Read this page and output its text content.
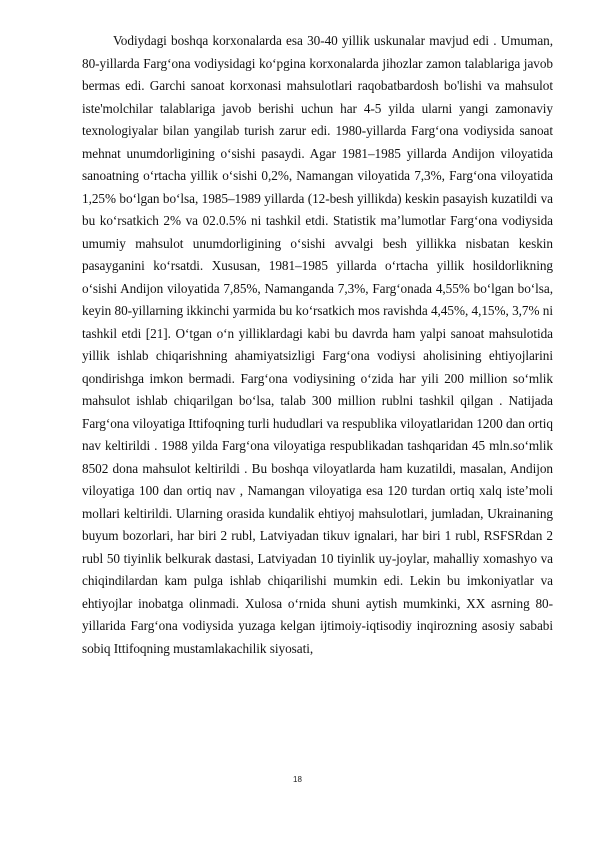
Vodiydagi boshqa korxonalarda esa 30-40 yillik uskunalar mavjud edi . Umuman, 80-yillarda Fargʻona vodiysidagi koʻpgina korxonalarda jihozlar zamon talablariga javob bermas edi. Garchi sanoat korxonasi mahsulotlari raqobatbardosh bo'lishi va mahsulot iste'molchilar talablariga javob berishi uchun har 4-5 yilda ularni yangi zamonaviy texnologiyalar bilan yangilab turish zarur edi. 1980-yillarda Fargʻona vodiysida sanoat mehnat unumdorligining oʻsishi pasaydi. Agar 1981–1985 yillarda Andijon viloyatida sanoatning oʻrtacha yillik oʻsishi 0,2%, Namangan viloyatida 7,3%, Fargʻona viloyatida 1,25% boʻlgan boʻlsa, 1985–1989 yillarda (12-besh yillikda) keskin pasayish kuzatildi va bu ko‘rsatkich 2% va 02.0.5% ni tashkil etdi. Statistik ma’lumotlar Farg‘ona vodiysida umumiy mahsulot unumdorligining o‘sishi avvalgi besh yillikka nisbatan keskin pasayganini ko‘rsatdi. Xususan, 1981–1985 yillarda oʻrtacha yillik hosildorlikning oʻsishi Andijon viloyatida 7,85%, Namanganda 7,3%, Fargʻonada 4,55% boʻlgan boʻlsa, keyin 80-yillarning ikkinchi yarmida bu koʻrsatkich mos ravishda 4,45%, 4,15%, 3,7% ni tashkil etdi [21]. O‘tgan o‘n yilliklardagi kabi bu davrda ham yalpi sanoat mahsulotida yillik ishlab chiqarishning ahamiyatsizligi Farg‘ona vodiysi aholisining ehtiyojlarini qondirishga imkon bermadi. Farg‘ona vodiysining o‘zida har yili 200 million so‘mlik mahsulot ishlab chiqarilgan bo‘lsa, talab 300 million rublni tashkil qilgan . Natijada Farg‘ona viloyatiga Ittifoqning turli hududlari va respublika viloyatlaridan 1200 dan ortiq nav keltirildi . 1988 yilda Farg‘ona viloyatiga respublikadan tashqaridan 45 mln.so‘mlik 8502 dona mahsulot keltirildi . Bu boshqa viloyatlarda ham kuzatildi, masalan, Andijon viloyatiga 100 dan ortiq nav , Namangan viloyatiga esa 120 turdan ortiq xalq iste’moli mollari keltirildi. Ularning orasida kundalik ehtiyoj mahsulotlari, jumladan, Ukrainaning buyum bozorlari, har biri 2 rubl, Latviyadan tikuv ignalari, har biri 1 rubl, RSFSRdan 2 rubl 50 tiyinlik belkurak dastasi, Latviyadan 10 tiyinlik uy-joylar, mahalliy xomashyo va chiqindilardan kam pulga ishlab chiqarilishi mumkin edi. Lekin bu imkoniyatlar va ehtiyojlar inobatga olinmadi. Xulosa o‘rnida shuni aytish mumkinki, XX asrning 80-yillarida Farg‘ona vodiysida yuzaga kelgan ijtimoiy-iqtisodiy inqirozning asosiy sababi sobiq Ittifoqning mustamlakachilik siyosati,

18
